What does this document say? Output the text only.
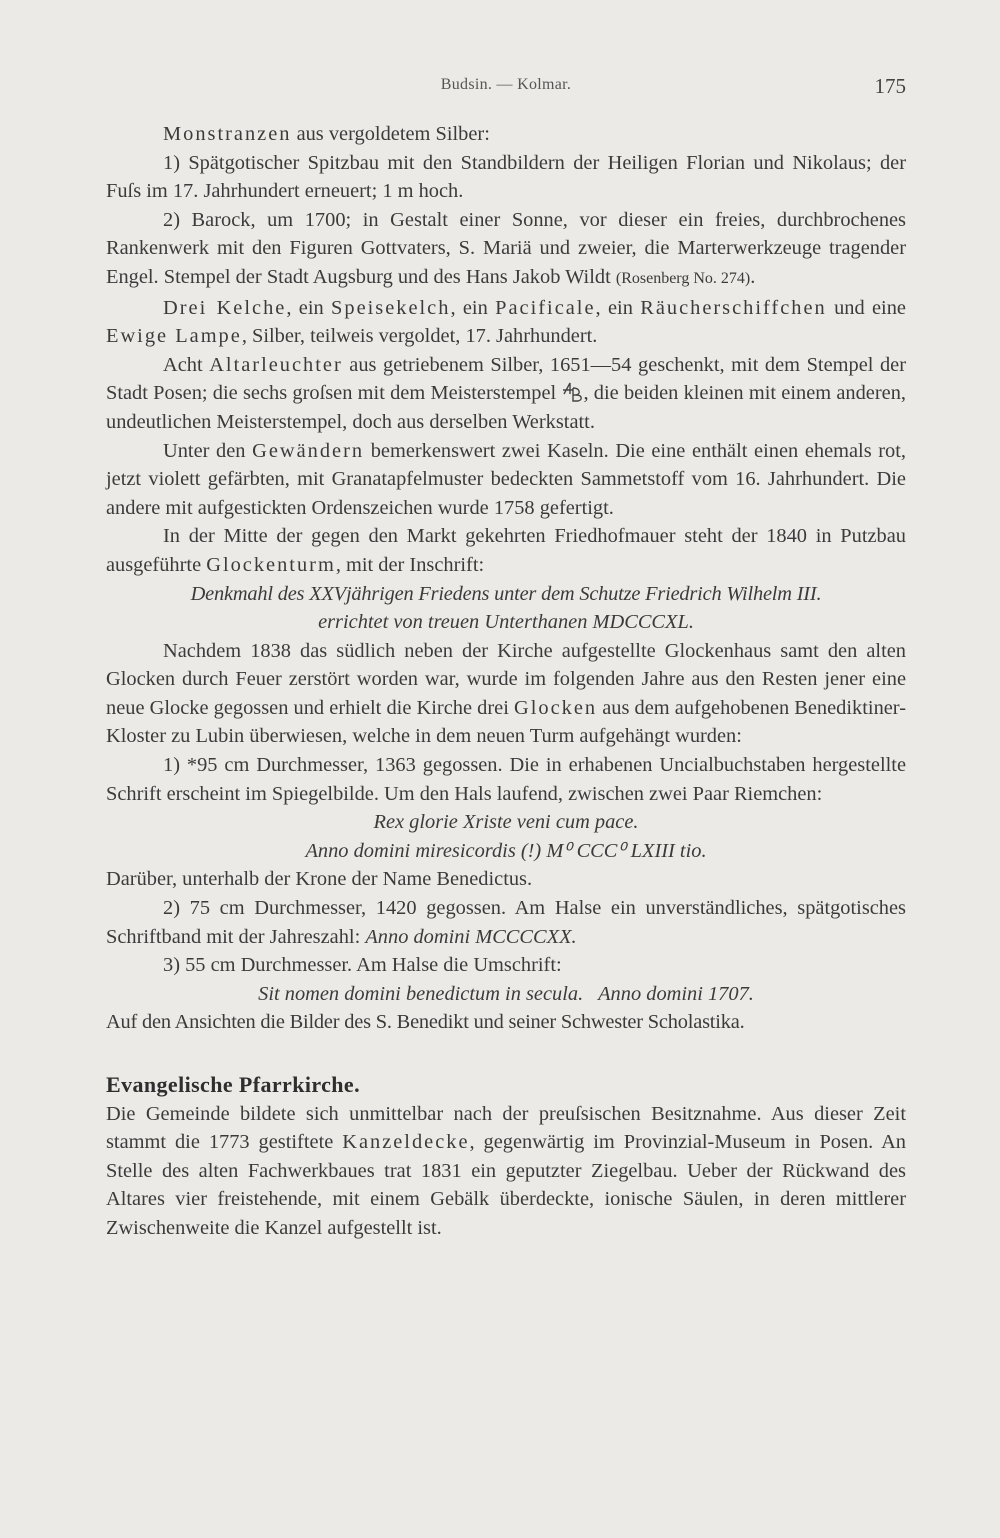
Budsin. — Kolmar.	175

Monstranzen aus vergoldetem Silber:

1) Spätgotischer Spitzbau mit den Standbildern der Heiligen Florian und Nikolaus; der Fuſs im 17. Jahrhundert erneuert; 1 m hoch.

2) Barock, um 1700; in Gestalt einer Sonne, vor dieser ein freies, durchbrochenes Rankenwerk mit den Figuren Gottvaters, S. Mariä und zweier, die Marterwerkzeuge tragender Engel. Stempel der Stadt Augsburg und des Hans Jakob Wildt (Rosenberg No. 274).

Drei Kelche, ein Speisekelch, ein Pacificale, ein Räucherschiffchen und eine Ewige Lampe, Silber, teilweis vergoldet, 17. Jahrhundert.

Acht Altarleuchter aus getriebenem Silber, 1651—54 geschenkt, mit dem Stempel der Stadt Posen; die sechs groſsen mit dem Meisterstempel , die beiden kleinen mit einem anderen, undeutlichen Meisterstempel, doch aus derselben Werkstatt.

Unter den Gewändern bemerkenswert zwei Kaseln. Die eine enthält einen ehemals rot, jetzt violett gefärbten, mit Granatapfelmuster bedeckten Sammetstoff vom 16. Jahrhundert. Die andere mit aufgestickten Ordenszeichen wurde 1758 gefertigt.

In der Mitte der gegen den Markt gekehrten Friedhofmauer steht der 1840 in Putzbau ausgeführte Glockenturm, mit der Inschrift:

Denkmahl des XXVjährigen Friedens unter dem Schutze Friedrich Wilhelm III.

errichtet von treuen Unterthanen MDCCCXL.

Nachdem 1838 das südlich neben der Kirche aufgestellte Glockenhaus samt den alten Glocken durch Feuer zerstört worden war, wurde im folgenden Jahre aus den Resten jener eine neue Glocke gegossen und erhielt die Kirche drei Glocken aus dem aufgehobenen Benediktiner-Kloster zu Lubin überwiesen, welche in dem neuen Turm aufgehängt wurden:

1) *95 cm Durchmesser, 1363 gegossen. Die in erhabenen Uncialbuchstaben hergestellte Schrift erscheint im Spiegelbilde. Um den Hals laufend, zwischen zwei Paar Riemchen:

Rex glorie Xriste veni cum pace.

Anno domini miresicordis (!) M⁰ CCC⁰ LXIII tio.

Darüber, unterhalb der Krone der Name Benedictus.

2) 75 cm Durchmesser, 1420 gegossen. Am Halse ein unverständliches, spätgotisches Schriftband mit der Jahreszahl: Anno domini MCCCCXX.

3) 55 cm Durchmesser. Am Halse die Umschrift:

Sit nomen domini benedictum in secula.   Anno domini 1707.

Auf den Ansichten die Bilder des S. Benedikt und seiner Schwester Scholastika.

Evangelische Pfarrkirche.

Die Gemeinde bildete sich unmittelbar nach der preuſsischen Besitznahme. Aus dieser Zeit stammt die 1773 gestiftete Kanzeldecke, gegenwärtig im Provinzial-Museum in Posen. An Stelle des alten Fachwerkbaues trat 1831 ein geputzter Ziegelbau. Ueber der Rückwand des Altares vier freistehende, mit einem Gebälk überdeckte, ionische Säulen, in deren mittlerer Zwischenweite die Kanzel aufgestellt ist.
